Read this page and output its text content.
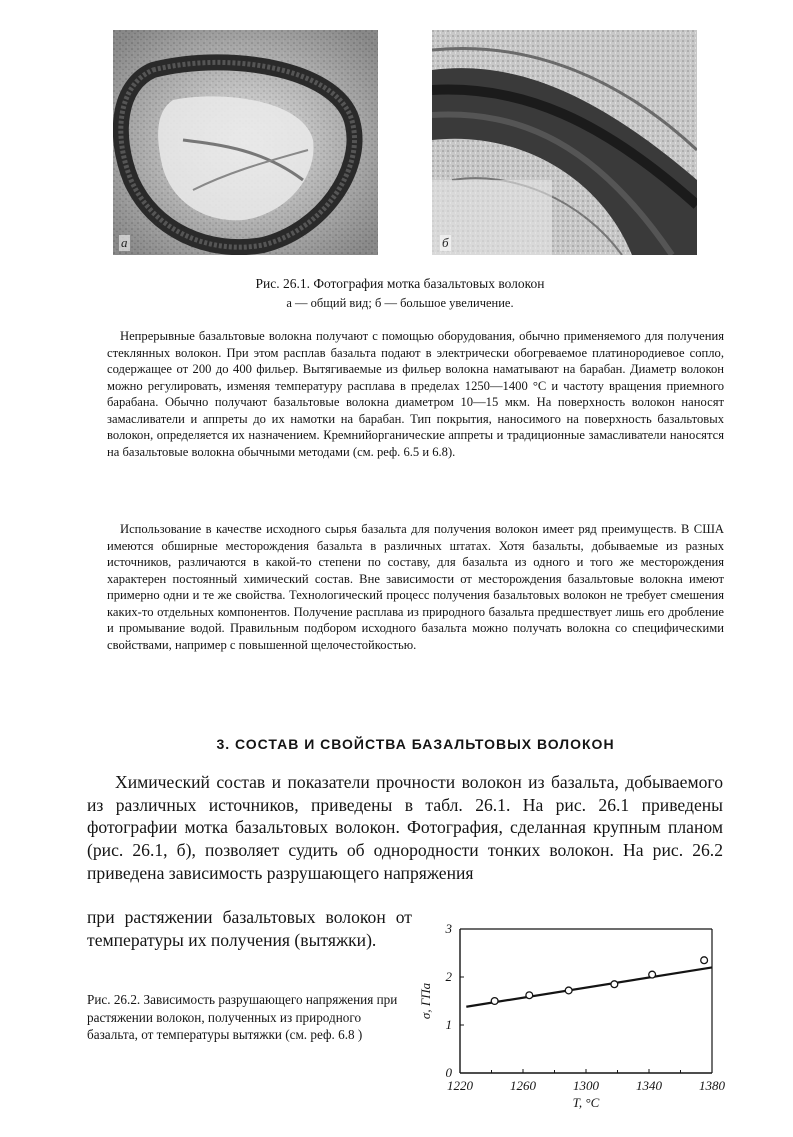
а	б
Рис. 26.1. Фотография мотка базальтовых волокон
а — общий вид; б — большое увеличение.

Непрерывные базальтовые волокна получают с помощью оборудования, обычно применяемого для получения стеклянных волокон. При этом расплав базальта подают в электрически обогреваемое платинородиевое сопло, содержащее от 200 до 400 фильер. Вытягиваемые из фильер волокна наматывают на барабан. Диаметр волокон можно регулировать, изменяя температуру расплава в пределах 1250—1400 °С и частоту вращения приемного барабана. Обычно получают базальтовые волокна диаметром 10—15 мкм. На поверхность волокон наносят замасливатели и аппреты до их намотки на барабан. Тип покрытия, наносимого на поверхность базальтовых волокон, определяется их назначением. Кремнийорганические аппреты и традиционные замасливатели наносятся на базальтовые волокна обычными методами (см. реф. 6.5 и 6.8).

Использование в качестве исходного сырья базальта для получения волокон имеет ряд преимуществ. В США имеются обширные месторождения базальта в различных штатах. Хотя базальты, добываемые из разных источников, различаются в какой-то степени по составу, для базальта из одного и того же месторождения характерен постоянный химический состав. Вне зависимости от месторождения базальтовые волокна имеют примерно одни и те же свойства. Технологический процесс получения базальтовых волокон не требует смешения каких-то отдельных компонентов. Получение расплава из природного базальта предшествует лишь его дробление и промывание водой. Правильным подбором исходного базальта можно получать волокна со специфическими свойствами, например с повышенной щелочестойкостью.

3. СОСТАВ И СВОЙСТВА БАЗАЛЬТОВЫХ ВОЛОКОН

Химический состав и показатели прочности волокон из базальта, добываемого из различных источников, приведены в табл. 26.1. На рис. 26.1 приведены фотографии мотка базальтовых волокон. Фотография, сделанная крупным планом (рис. 26.1, б), позволяет судить об однородности тонких волокон. На рис. 26.2 приведена зависимость разрушающего напряжения

при растяжении базальтовых волокон от температуры их получения (вытяжки).

Рис. 26.2. Зависимость разрушающего напряжения при растяжении волокон, полученных из природного базальта, от температуры вытяжки (см. реф. 6.8 )
0
1
2
3
1220	1260	1300	1340	1380
σ, ГПа
T, °C
